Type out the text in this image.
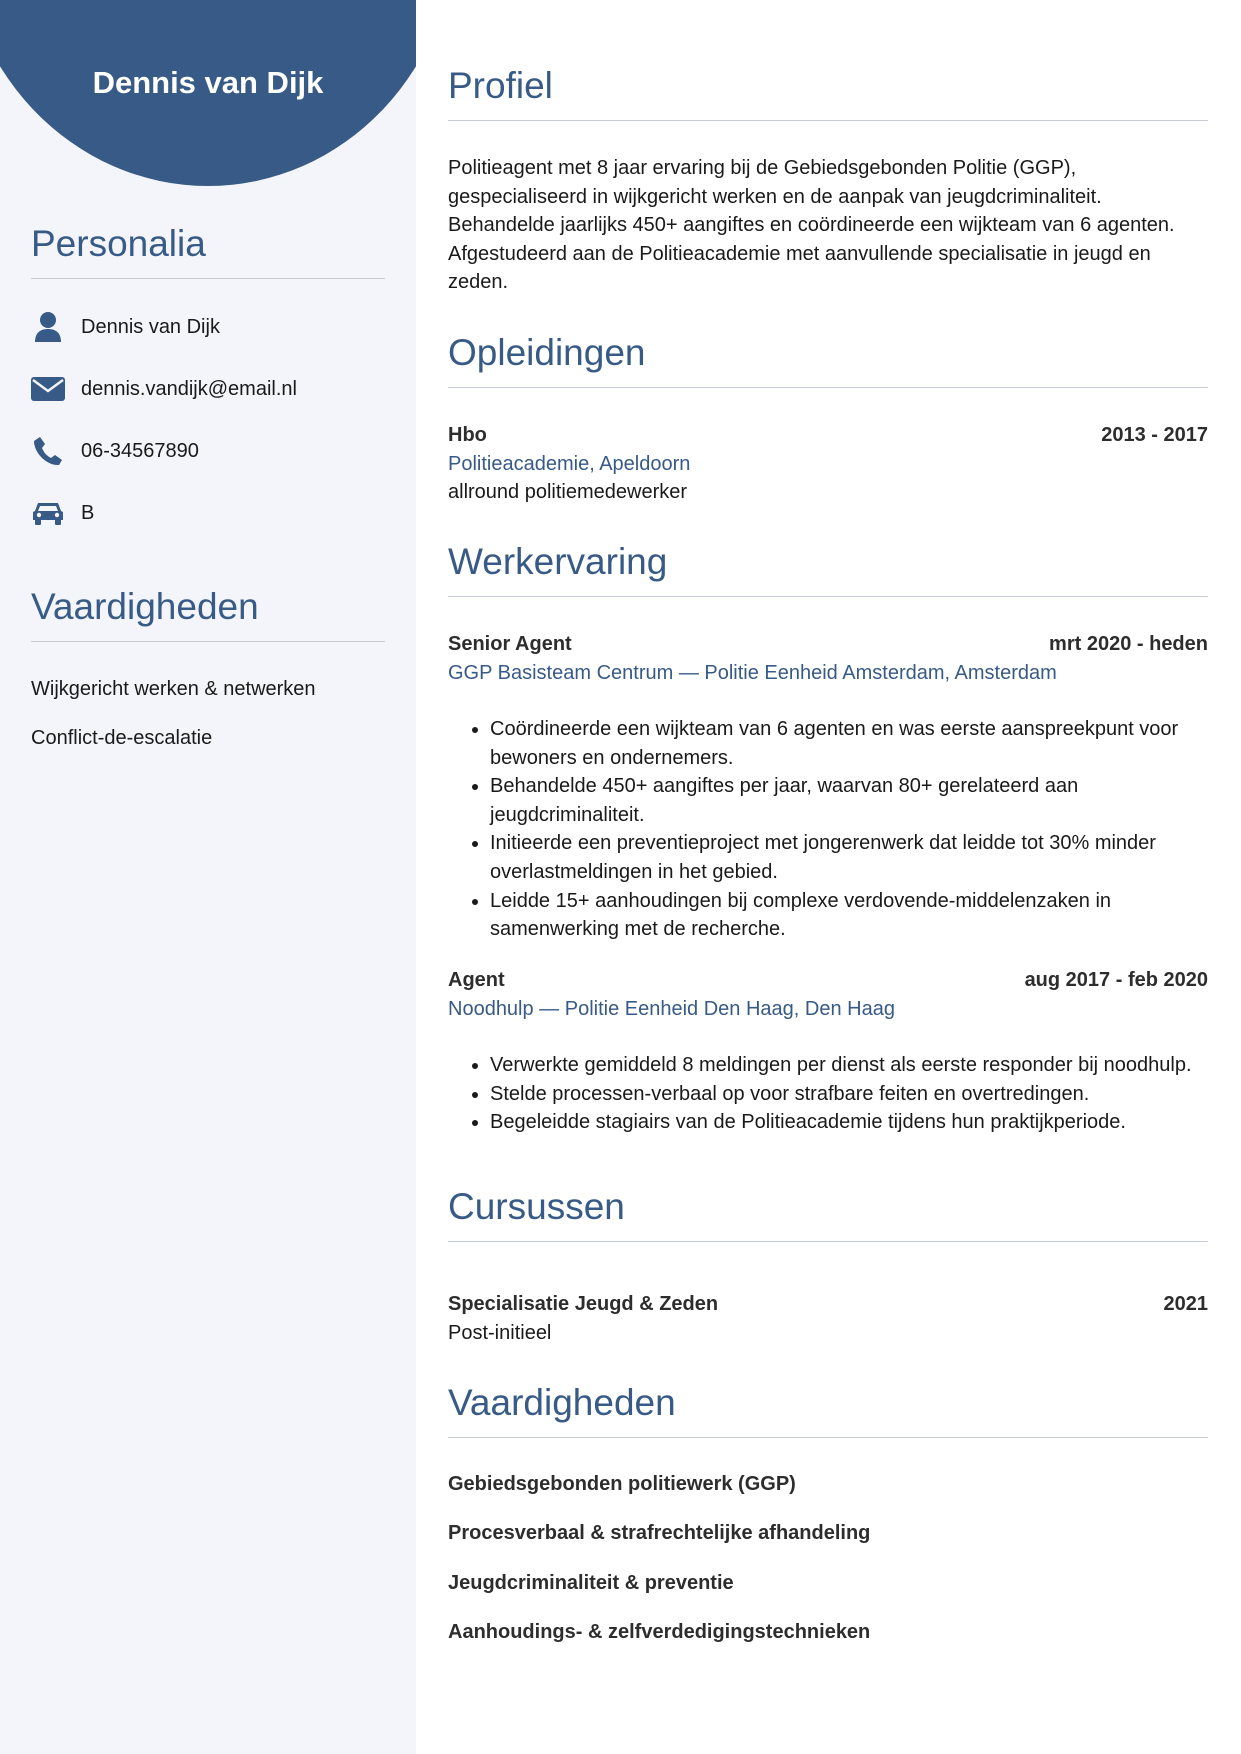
Dennis van Dijk
Personalia
Dennis van Dijk
dennis.vandijk@email.nl
06-34567890
B
Vaardigheden
Wijkgericht werken & netwerken
Conflict-de-escalatie
Profiel
Politieagent met 8 jaar ervaring bij de Gebiedsgebonden Politie (GGP),
gespecialiseerd in wijkgericht werken en de aanpak van jeugdcriminaliteit.
Behandelde jaarlijks 450+ aangiftes en coördineerde een wijkteam van 6 agenten.
Afgestudeerd aan de Politieacademie met aanvullende specialisatie in jeugd en
zeden.
Opleidingen
Hbo	2013 - 2017
Politieacademie, Apeldoorn
allround politiemedewerker
Werkervaring
Senior Agent	mrt 2020 - heden
GGP Basisteam Centrum — Politie Eenheid Amsterdam, Amsterdam
• Coördineerde een wijkteam van 6 agenten en was eerste aanspreekpunt voor bewoners en ondernemers.
• Behandelde 450+ aangiftes per jaar, waarvan 80+ gerelateerd aan jeugdcriminaliteit.
• Initieerde een preventieproject met jongerenwerk dat leidde tot 30% minder overlastmeldingen in het gebied.
• Leidde 15+ aanhoudingen bij complexe verdovende-middelenzaken in samenwerking met de recherche.
Agent	aug 2017 - feb 2020
Noodhulp — Politie Eenheid Den Haag, Den Haag
• Verwerkte gemiddeld 8 meldingen per dienst als eerste responder bij noodhulp.
• Stelde processen-verbaal op voor strafbare feiten en overtredingen.
• Begeleidde stagiairs van de Politieacademie tijdens hun praktijkperiode.
Cursussen
Specialisatie Jeugd & Zeden	2021
Post-initieel
Vaardigheden
Gebiedsgebonden politiewerk (GGP)
Procesverbaal & strafrechtelijke afhandeling
Jeugdcriminaliteit & preventie
Aanhoudings- & zelfverdedigingstechnieken
